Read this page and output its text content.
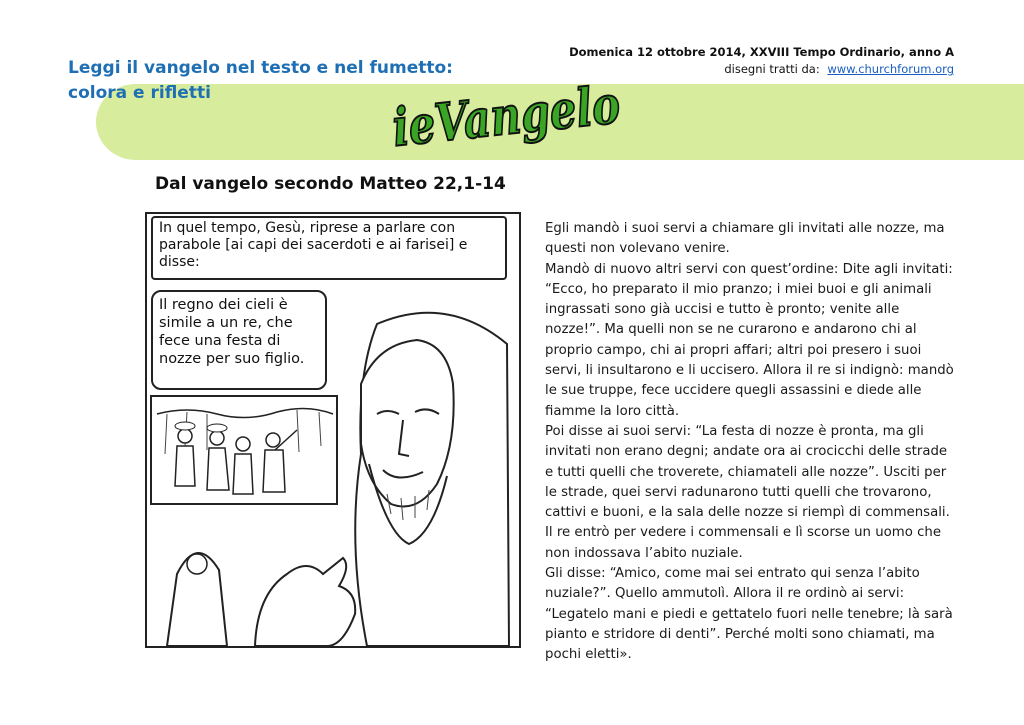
Leggi il vangelo nel testo e nel fumetto:
colora e rifletti	ieVangelo
Domenica 12 ottobre 2014, XXVIII Tempo Ordinario, anno A
disegni tratti da: www.churchforum.org
Dal vangelo secondo Matteo 22,1-14
In quel tempo, Gesù, riprese a parlare con parabole [ai capi dei sacerdoti e ai farisei] e disse:
Il regno dei cieli è simile a un re, che fece una festa di nozze per suo figlio.

Egli mandò i suoi servi a chiamare gli invitati alle nozze, ma questi non volevano venire.

Mandò di nuovo altri servi con quest’ordine: Dite agli invitati: “Ecco, ho preparato il mio pranzo; i miei buoi e gli animali ingrassati sono già uccisi e tutto è pronto; venite alle nozze!”. Ma quelli non se ne curarono e andarono chi al proprio campo, chi ai propri affari; altri poi presero i suoi servi, li insultarono e li uccisero. Allora il re si indignò: mandò le sue truppe, fece uccidere quegli assassini e diede alle fiamme la loro città.

Poi disse ai suoi servi: “La festa di nozze è pronta, ma gli invitati non erano degni; andate ora ai crocicchi delle strade e tutti quelli che troverete, chiamateli alle nozze”. Usciti per le strade, quei servi radunarono tutti quelli che trovarono, cattivi e buoni, e la sala delle nozze si riempì di commensali. Il re entrò per vedere i commensali e lì scorse un uomo che non indossava l’abito nuziale.

Gli disse: “Amico, come mai sei entrato qui senza l’abito nuziale?”. Quello ammutolì. Allora il re ordinò ai servi: “Legatelo mani e piedi e gettatelo fuori nelle tenebre; là sarà pianto e stridore di denti”. Perché molti sono chiamati, ma pochi eletti».
